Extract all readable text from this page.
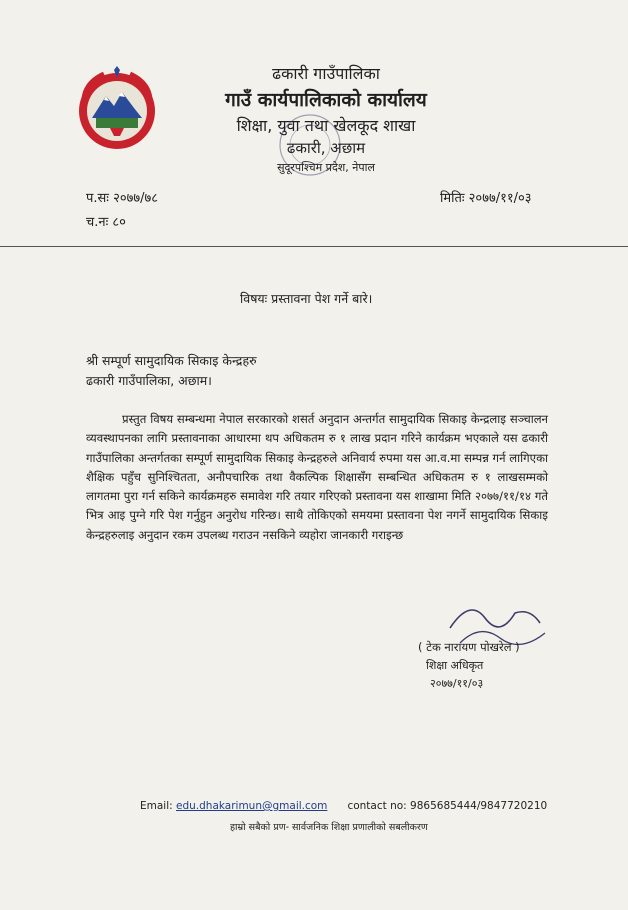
ढकारी गाउँपालिका
गाउँ कार्यपालिकाको कार्यालय
शिक्षा, युवा तथा खेलकूद शाखा
ढकारी, अछाम
सुदूरपश्चिम प्रदेश, नेपाल
प.सः २०७७/७८
च.नः ८०
मितिः २०७७/११/०३
विषयः प्रस्तावना पेश गर्ने बारे।
श्री सम्पूर्ण सामुदायिक सिकाइ केन्द्रहरु
ढकारी गाउँपालिका, अछाम।

प्रस्तुत विषय सम्बन्धमा नेपाल सरकारको शसर्त अनुदान अन्तर्गत सामुदायिक सिकाइ केन्द्रलाइ सञ्चालन व्यवस्थापनका लागि प्रस्तावनाका आधारमा थप अधिकतम रु १ लाख प्रदान गरिने कार्यक्रम भएकाले यस ढकारी गाउँपालिका अन्तर्गतका सम्पूर्ण सामुदायिक सिकाइ केन्द्रहरुले अनिवार्य रुपमा यस आ.व.मा सम्पन्न गर्न लागिएका शैक्षिक पहुँच सुनिश्चितता, अनौपचारिक तथा वैकल्पिक शिक्षासँग सम्बन्धित अधिकतम रु १ लाखसम्मको लागतमा पुरा गर्न सकिने कार्यक्रमहरु समावेश गरि तयार गरिएको प्रस्तावना यस शाखामा मिति २०७७/११/१४ गते भित्र आइ पुग्ने गरि पेश गर्नुहुन अनुरोध गरिन्छ। साथै तोकिएको समयमा प्रस्तावना पेश नगर्ने सामुदायिक सिकाइ केन्द्रहरुलाइ अनुदान रकम उपलब्ध गराउन नसकिने व्यहोरा जानकारी गराइन्छ

( टेक नारायण पोखरेल )
शिक्षा अधिकृत
२०७७/११/०३
Email: edu.dhakarimun@gmail.com contact no: 9865685444/9847720210
हाम्रो सबैको प्रण- सार्वजनिक शिक्षा प्रणालीको सबलीकरण
